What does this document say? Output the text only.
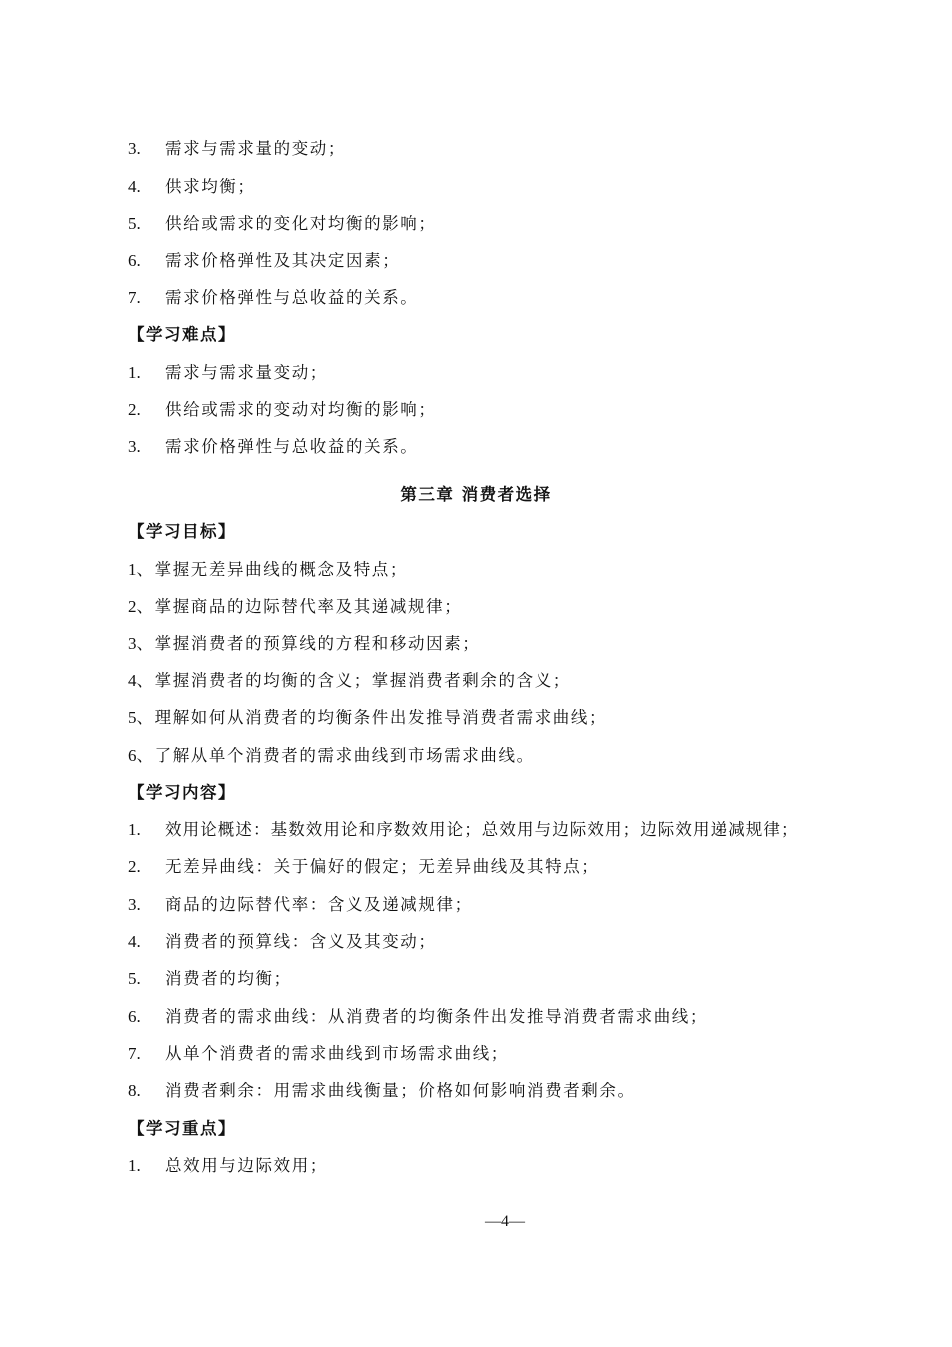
3. 需求与需求量的变动；
4. 供求均衡；
5. 供给或需求的变化对均衡的影响；
6. 需求价格弹性及其决定因素；
7. 需求价格弹性与总收益的关系。
【学习难点】
1. 需求与需求量变动；
2. 供给或需求的变动对均衡的影响；
3. 需求价格弹性与总收益的关系。
第三章 消费者选择
【学习目标】
1、掌握无差异曲线的概念及特点；
2、掌握商品的边际替代率及其递减规律；
3、掌握消费者的预算线的方程和移动因素；
4、掌握消费者的均衡的含义；掌握消费者剩余的含义；
5、理解如何从消费者的均衡条件出发推导消费者需求曲线；
6、了解从单个消费者的需求曲线到市场需求曲线。
【学习内容】
1. 效用论概述：基数效用论和序数效用论；总效用与边际效用；边际效用递减规律；
2. 无差异曲线：关于偏好的假定；无差异曲线及其特点；
3. 商品的边际替代率：含义及递减规律；
4. 消费者的预算线：含义及其变动；
5. 消费者的均衡；
6. 消费者的需求曲线：从消费者的均衡条件出发推导消费者需求曲线；
7. 从单个消费者的需求曲线到市场需求曲线；
8. 消费者剩余：用需求曲线衡量；价格如何影响消费者剩余。
【学习重点】
1. 总效用与边际效用；
—4—
